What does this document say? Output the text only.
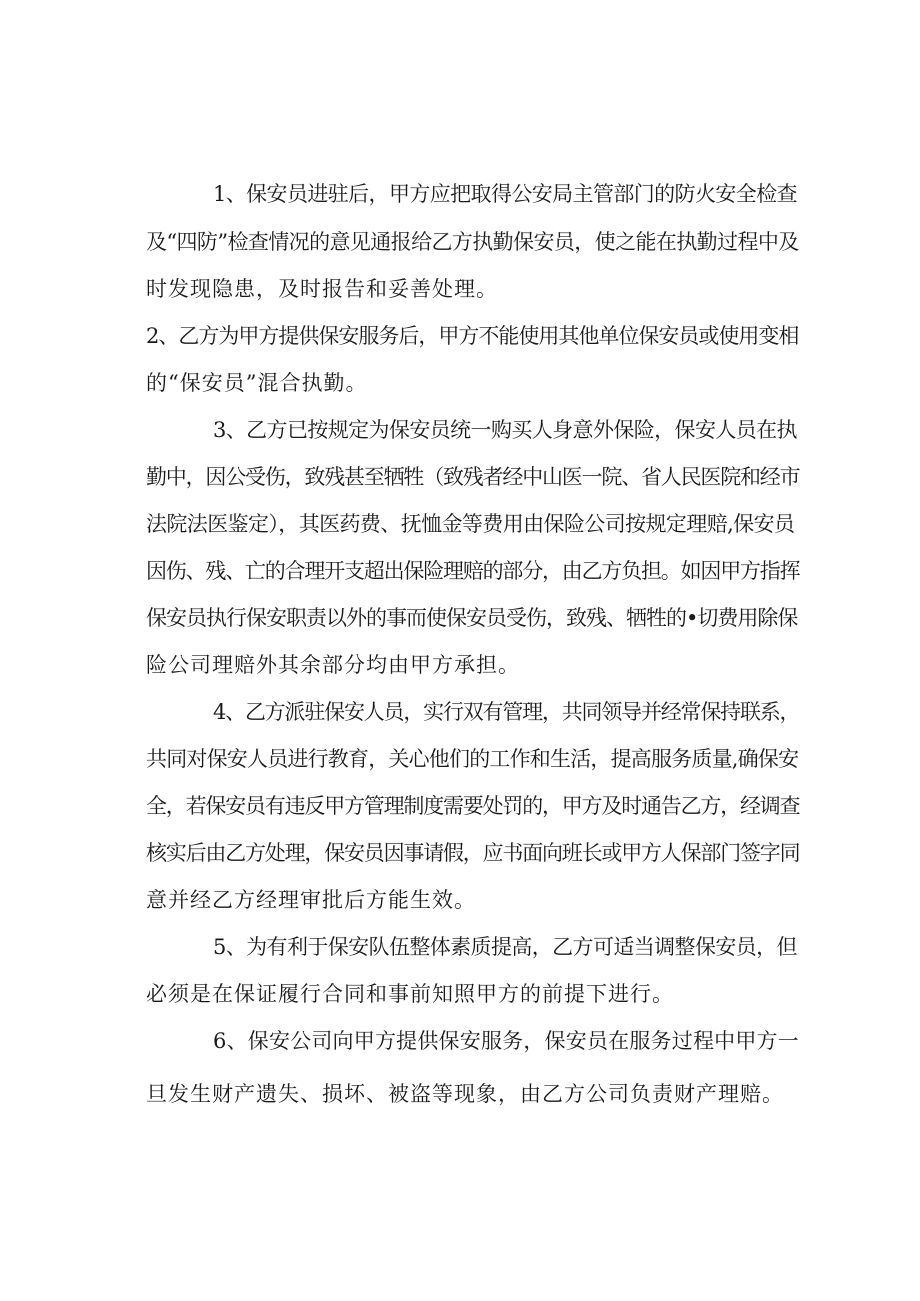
1、保安员进驻后，甲方应把取得公安局主管部门的防火安全检查
及“四防”检查情况的意见通报给乙方执勤保安员，使之能在执勤过程中及
时发现隐患，及时报告和妥善处理。
2、乙方为甲方提供保安服务后，甲方不能使用其他单位保安员或使用变相
的“保安员”混合执勤。
3、乙方已按规定为保安员统一购买人身意外保险，保安人员在执
勤中，因公受伤，致残甚至牺牲（致残者经中山医一院、省人民医院和经市
法院法医鉴定），其医药费、抚恤金等费用由保险公司按规定理赔,保安员
因伤、残、亡的合理开支超出保险理赔的部分，由乙方负担。如因甲方指挥
保安员执行保安职责以外的事而使保安员受伤，致残、牺牲的•切费用除保
险公司理赔外其余部分均由甲方承担。
4、乙方派驻保安人员，实行双有管理，共同领导并经常保持联系，
共同对保安人员进行教育，关心他们的工作和生活，提高服务质量,确保安
全，若保安员有违反甲方管理制度需要处罚的，甲方及时通告乙方，经调查
核实后由乙方处理，保安员因事请假，应书面向班长或甲方人保部门签字同
意并经乙方经理审批后方能生效。
5、为有利于保安队伍整体素质提高，乙方可适当调整保安员，但
必须是在保证履行合同和事前知照甲方的前提下进行。
6、保安公司向甲方提供保安服务，保安员在服务过程中甲方一
旦发生财产遗失、损坏、被盗等现象，由乙方公司负责财产理赔。
